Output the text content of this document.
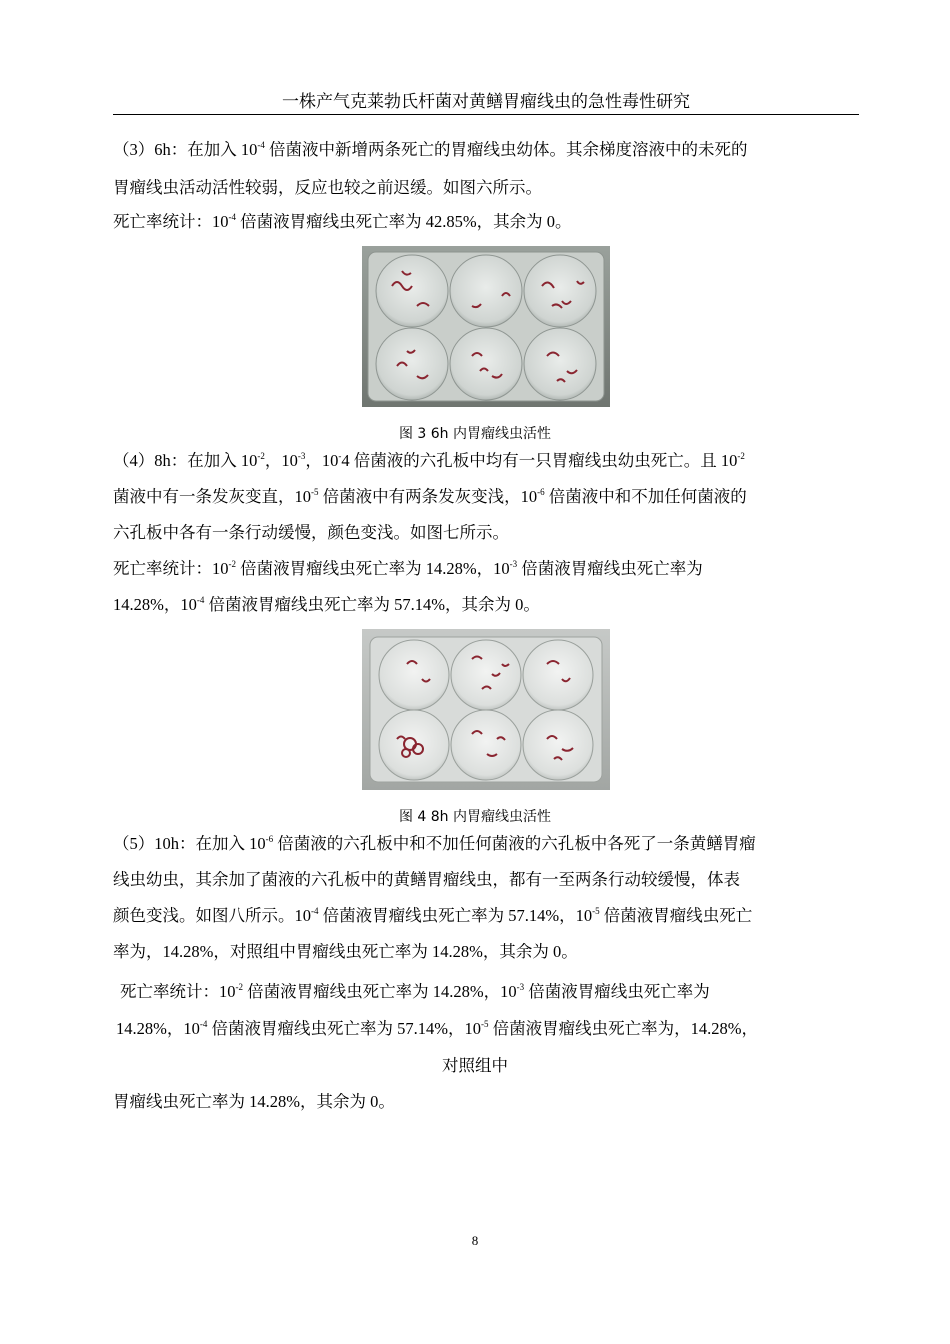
一株产气克莱勃氏杆菌对黄鳝胃瘤线虫的急性毒性研究
（3）6h：在加入 $10^{-4}$ 倍菌液中新增两条死亡的胃瘤线虫幼体。其余梯度溶液中的未死的
胃瘤线虫活动活性较弱，反应也较之前迟缓。如图六所示。
死亡率统计：$10^{-4}$ 倍菌液胃瘤线虫死亡率为 42.85%，其余为 0。
图 3 6h 内胃瘤线虫活性
（4）8h：在加入 $10^{-2}$，$10^{-3}$，10-4 倍菌液的六孔板中均有一只胃瘤线虫幼虫死亡。且 $10^{-2}$
菌液中有一条发灰变直，$10^{-5}$ 倍菌液中有两条发灰变浅，$10^{-6}$ 倍菌液中和不加任何菌液的
六孔板中各有一条行动缓慢，颜色变浅。如图七所示。
死亡率统计：$10^{-2}$ 倍菌液胃瘤线虫死亡率为 14.28%，$10^{-3}$ 倍菌液胃瘤线虫死亡率为
14.28%，$10^{-4}$ 倍菌液胃瘤线虫死亡率为 57.14%，其余为 0。
图 4 8h 内胃瘤线虫活性
（5）10h：在加入 $10^{-6}$ 倍菌液的六孔板中和不加任何菌液的六孔板中各死了一条黄鳝胃瘤
线虫幼虫，其余加了菌液的六孔板中的黄鳝胃瘤线虫，都有一至两条行动较缓慢，体表
颜色变浅。如图八所示。$10^{-4}$ 倍菌液胃瘤线虫死亡率为 57.14%，$10^{-5}$ 倍菌液胃瘤线虫死亡
率为，14.28%，对照组中胃瘤线虫死亡率为 14.28%，其余为 0。
死亡率统计：$10^{-2}$ 倍菌液胃瘤线虫死亡率为 14.28%，$10^{-3}$ 倍菌液胃瘤线虫死亡率为
14.28%，$10^{-4}$ 倍菌液胃瘤线虫死亡率为 57.14%，$10^{-5}$ 倍菌液胃瘤线虫死亡率为，14.28%，
对照组中
胃瘤线虫死亡率为 14.28%，其余为 0。
8
